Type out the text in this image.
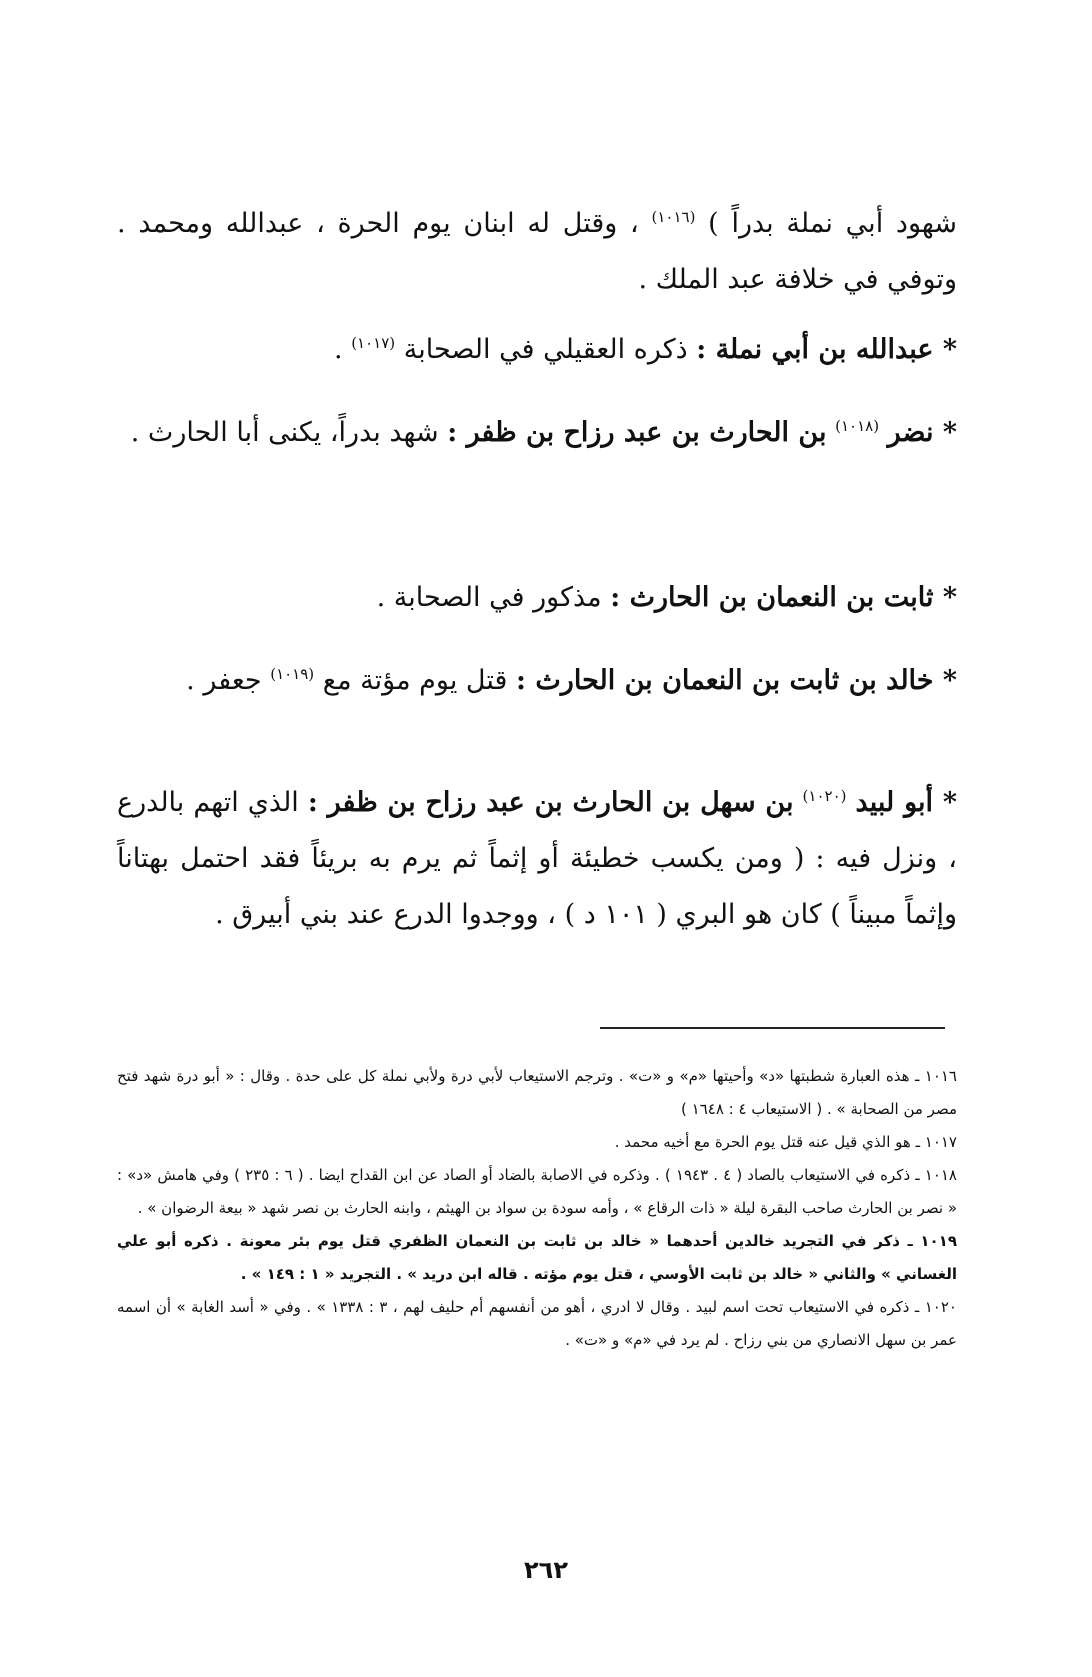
شهود أبي نملة بدراً ) $^{(١٠١٦)}$ ، وقتل له ابنان يوم الحرة ، عبدالله ومحمد . وتوفي في خلافة عبد الملك .

* عبدالله بن أبي نملة : ذكره العقيلي في الصحابة $^{(١٠١٧)}$ .

* نضر $^{(١٠١٨)}$ بن الحارث بن عبد رزاح بن ظفر : شهد بدراً، يكنى أبا الحارث .

* ثابت بن النعمان بن الحارث : مذكور في الصحابة .

* خالد بن ثابت بن النعمان بن الحارث : قتل يوم مؤتة مع $^{(١٠١٩)}$ جعفر .

* أبو لبيد $^{(١٠٢٠)}$ بن سهل بن الحارث بن عبد رزاح بن ظفر : الذي اتهم بالدرع ، ونزل فيه : ( ومن يكسب خطيئة أو إثماً ثم يرم به بريئاً فقد احتمل بهتاناً وإثماً مبيناً ) كان هو البري ( ١٠١ د ) ، ووجدوا الدرع عند بني أبيرق .

١٠١٦ ـ هذه العبارة شطبتها «د» وأحيتها «م» و «ت» . وترجم الاستيعاب لأبي درة ولأبي نملة كل على حدة . وقال : « أبو درة شهد فتح مصر من الصحابة » . ( الاستيعاب ٤ : ١٦٤٨ )

١٠١٧ ـ هو الذي قيل عنه قتل يوم الحرة مع أخيه محمد .

١٠١٨ ـ ذكره في الاستيعاب بالصاد ( ٤ . ١٩٤٣ ) . وذكره في الاصابة بالضاد أو الصاد عن ابن القداح ايضا . ( ٦ : ٢٣٥ ) وفي هامش «د» : « نصر بن الحارث صاحب البقرة ليلة « ذات الرقاع » ، وأمه سودة بن سواد بن الهيثم ، وابنه الحارث بن نصر شهد « بيعة الرضوان » .

١٠١٩ ـ ذكر في التجريد خالدين أحدهما « خالد بن ثابت بن النعمان الظفري قتل يوم بئر معونة . ذكره أبو علي الغساني » والثاني « خالد بن ثابت الأوسي ، قتل يوم مؤته . قاله ابن دريد » . التجريد « ١ : ١٤٩ » .

١٠٢٠ ـ ذكره في الاستيعاب تحت اسم لبيد . وقال لا ادري ، أهو من أنفسهم أم حليف لهم ، ٣ : ١٣٣٨ » . وفي « أسد الغابة » أن اسمه عمر بن سهل الانصاري من بني رزاح . لم يرد في «م» و «ت» .

٢٦٢
